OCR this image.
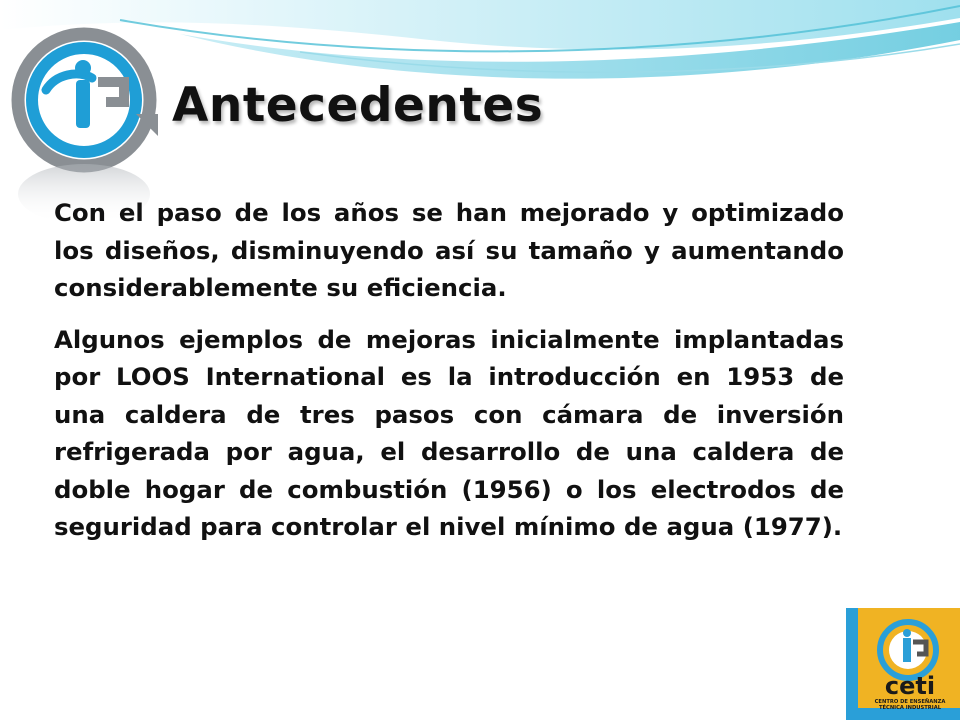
Antecedentes

Con el paso de los años se han mejorado y optimizado los diseños, disminuyendo así su tamaño y aumentando considerablemente su eficiencia.

Algunos ejemplos de mejoras inicialmente implantadas por LOOS International es la introducción en 1953 de una caldera de tres pasos con cámara de inversión refrigerada por agua, el desarrollo de una caldera de doble hogar de combustión (1956) o los electrodos de seguridad para controlar el nivel mínimo de agua (1977).

ceti
CENTRO DE ENSEÑANZA
TÉCNICA INDUSTRIAL
